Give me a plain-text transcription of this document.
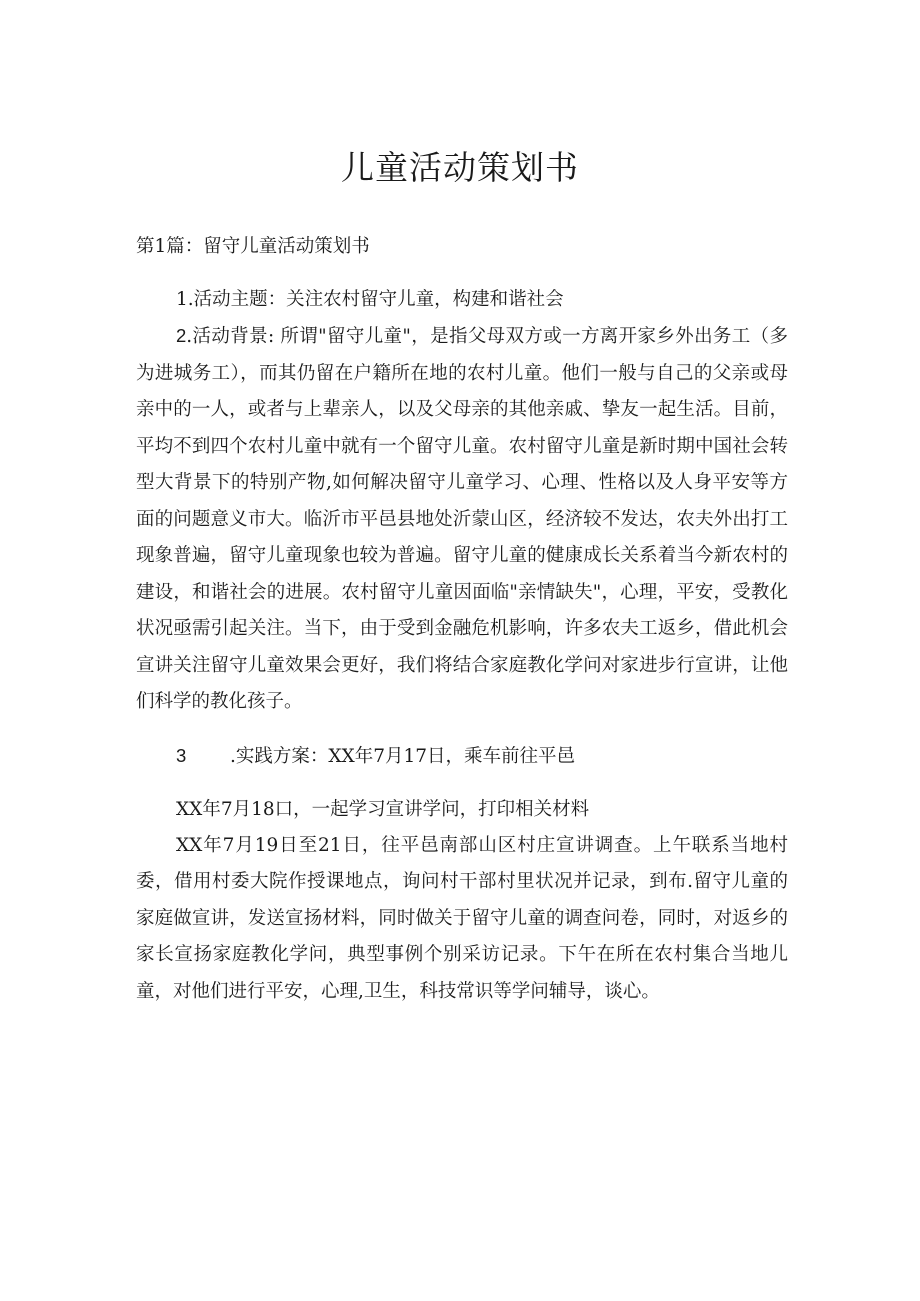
儿童活动策划书

第1篇：留守儿童活动策划书

1.活动主题：关注农村留守儿童，构建和谐社会

2.活动背景: 所谓"留守儿童"，是指父母双方或一方离开家乡外出务工（多为进城务工），而其仍留在户籍所在地的农村儿童。他们一般与自己的父亲或母亲中的一人，或者与上辈亲人，以及父母亲的其他亲戚、挚友一起生活。目前，平均不到四个农村儿童中就有一个留守儿童。农村留守儿童是新时期中国社会转型大背景下的特别产物,如何解决留守儿童学习、心理、性格以及人身平安等方面的问题意义市大。临沂市平邑县地处沂蒙山区，经济较不发达，农夫外出打工现象普遍，留守儿童现象也较为普遍。留守儿童的健康成长关系着当今新农村的建设，和谐社会的进展。农村留守儿童因面临"亲情缺失"，心理，平安，受教化状况亟需引起关注。当下，由于受到金融危机影响，许多农夫工返乡，借此机会宣讲关注留守儿童效果会更好，我们将结合家庭教化学问对家进步行宣讲，让他们科学的教化孩子。

3 .实践方案：XX年7月17日，乘车前往平邑

XX年7月18口，一起学习宣讲学问，打印相关材料

XX年7月19日至21日，往平邑南部山区村庄宣讲调查。上午联系当地村委，借用村委大院作授课地点，询问村干部村里状况并记录，到布.留守儿童的家庭做宣讲，发送宣扬材料，同时做关于留守儿童的调查问卷，同时，对返乡的家长宣扬家庭教化学问，典型事例个别采访记录。下午在所在农村集合当地儿童，对他们进行平安，心理,卫生，科技常识等学问辅导，谈心。
